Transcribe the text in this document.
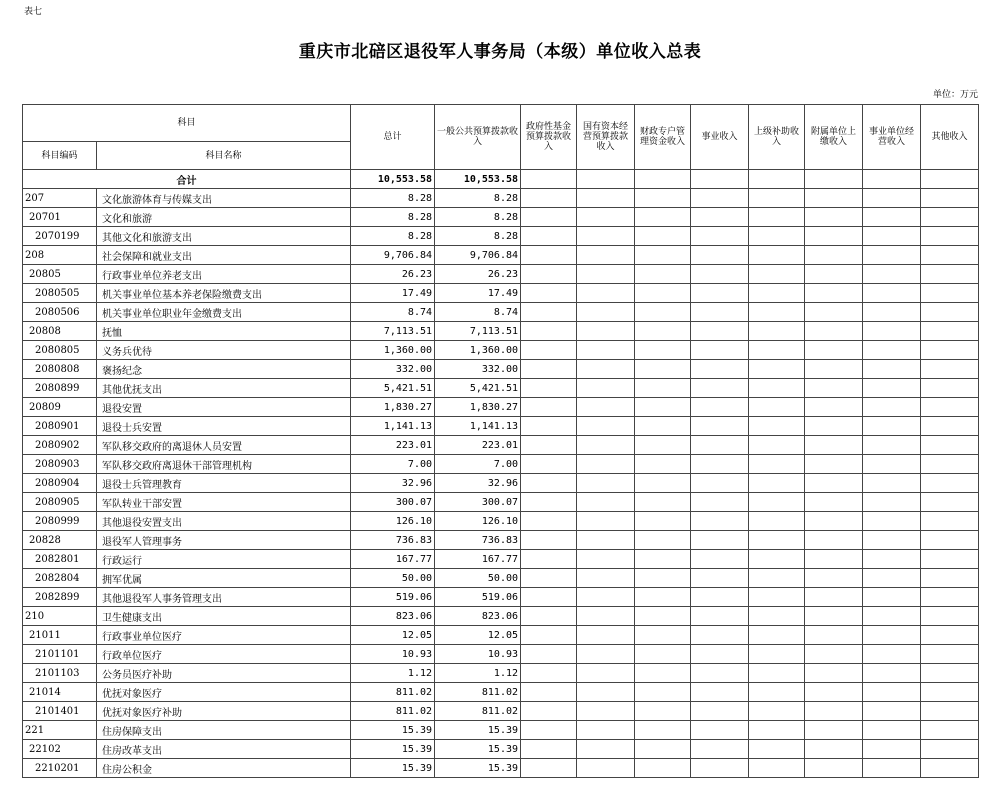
表七
重庆市北碚区退役军人事务局（本级）单位收入总表
单位：万元
科目		总计	一般公共预算拨款收入	政府性基金预算拨款收入	国有资本经营预算拨款收入	财政专户管理资金收入	事业收入	上级补助收入	附属单位上缴收入	事业单位经营收入	其他收入
科目编码	科目名称										
合计		10,553.58	10,553.58								
207	文化旅游体育与传媒支出	8.28	8.28								
20701	文化和旅游	8.28	8.28								
2070199	其他文化和旅游支出	8.28	8.28								
208	社会保障和就业支出	9,706.84	9,706.84								
20805	行政事业单位养老支出	26.23	26.23								
2080505	机关事业单位基本养老保险缴费支出	17.49	17.49								
2080506	机关事业单位职业年金缴费支出	8.74	8.74								
20808	抚恤	7,113.51	7,113.51								
2080805	义务兵优待	1,360.00	1,360.00								
2080808	褒扬纪念	332.00	332.00								
2080899	其他优抚支出	5,421.51	5,421.51								
20809	退役安置	1,830.27	1,830.27								
2080901	退役士兵安置	1,141.13	1,141.13								
2080902	军队移交政府的离退休人员安置	223.01	223.01								
2080903	军队移交政府离退休干部管理机构	7.00	7.00								
2080904	退役士兵管理教育	32.96	32.96								
2080905	军队转业干部安置	300.07	300.07								
2080999	其他退役安置支出	126.10	126.10								
20828	退役军人管理事务	736.83	736.83								
2082801	行政运行	167.77	167.77								
2082804	拥军优属	50.00	50.00								
2082899	其他退役军人事务管理支出	519.06	519.06								
210	卫生健康支出	823.06	823.06								
21011	行政事业单位医疗	12.05	12.05								
2101101	行政单位医疗	10.93	10.93								
2101103	公务员医疗补助	1.12	1.12								
21014	优抚对象医疗	811.02	811.02								
2101401	优抚对象医疗补助	811.02	811.02								
221	住房保障支出	15.39	15.39								
22102	住房改革支出	15.39	15.39								
2210201	住房公积金	15.39	15.39								
